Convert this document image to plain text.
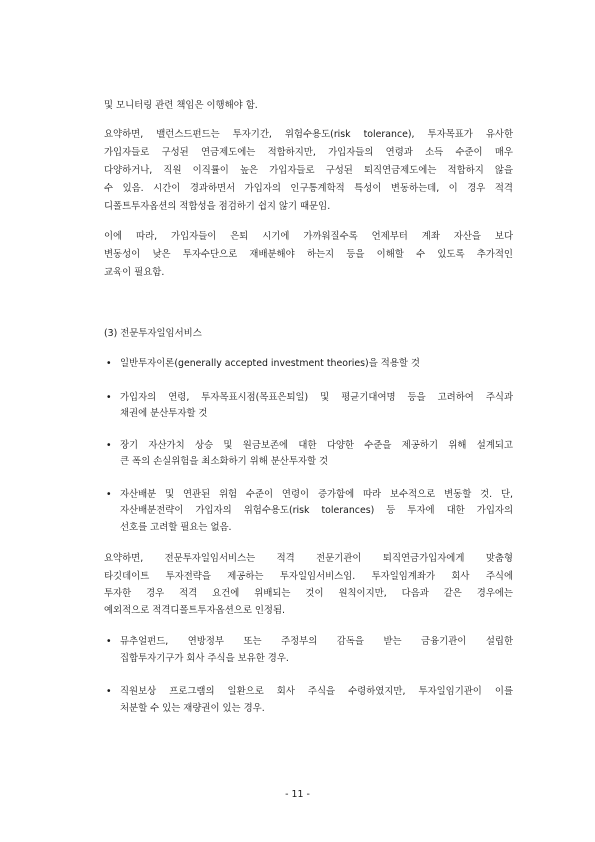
및 모니터링 관련 책임은 이행해야 함.
요약하면, 밸런스드펀드는 투자기간, 위험수용도(risk tolerance), 투자목표가 유사한
가입자들로 구성된 연금제도에는 적합하지만, 가입자들의 연령과 소득 수준이 매우
다양하거나, 직원 이직률이 높은 가입자들로 구성된 퇴직연금제도에는 적합하지 않을
수 있음. 시간이 경과하면서 가입자의 인구통계학적 특성이 변동하는데, 이 경우 적격
디폴트투자옵션의 적합성을 점검하기 쉽지 않기 때문임.
이에 따라, 가입자들이 은퇴 시기에 가까워질수록 언제부터 계좌 자산을 보다
변동성이 낮은 투자수단으로 재배분해야 하는지 등을 이해할 수 있도록 추가적인
교육이 필요함.
(3) 전문투자일임서비스
• 일반투자이론(generally accepted investment theories)을 적용할 것
• 가입자의 연령, 투자목표시점(목표은퇴일) 및 평균기대여명 등을 고려하여 주식과
채권에 분산투자할 것
• 장기 자산가치 상승 및 원금보존에 대한 다양한 수준을 제공하기 위해 설계되고
큰 폭의 손실위험을 최소화하기 위해 분산투자할 것
• 자산배분 및 연관된 위험 수준이 연령이 증가함에 따라 보수적으로 변동할 것. 단,
자산배분전략이 가입자의 위험수용도(risk tolerances) 등 투자에 대한 가입자의
선호를 고려할 필요는 없음.
요약하면, 전문투자일임서비스는 적격 전문기관이 퇴직연금가입자에게 맞춤형
타깃데이트 투자전략을 제공하는 투자일임서비스임. 투자일임계좌가 회사 주식에
투자한 경우 적격 요건에 위배되는 것이 원칙이지만, 다음과 같은 경우에는
예외적으로 적격디폴트투자옵션으로 인정됨.
• 뮤추얼펀드, 연방정부 또는 주정부의 감독을 받는 금융기관이 설립한
집합투자기구가 회사 주식을 보유한 경우.
• 직원보상 프로그램의 일환으로 회사 주식을 수령하였지만, 투자일임기관이 이를
처분할 수 있는 재량권이 있는 경우.
- 11 -
